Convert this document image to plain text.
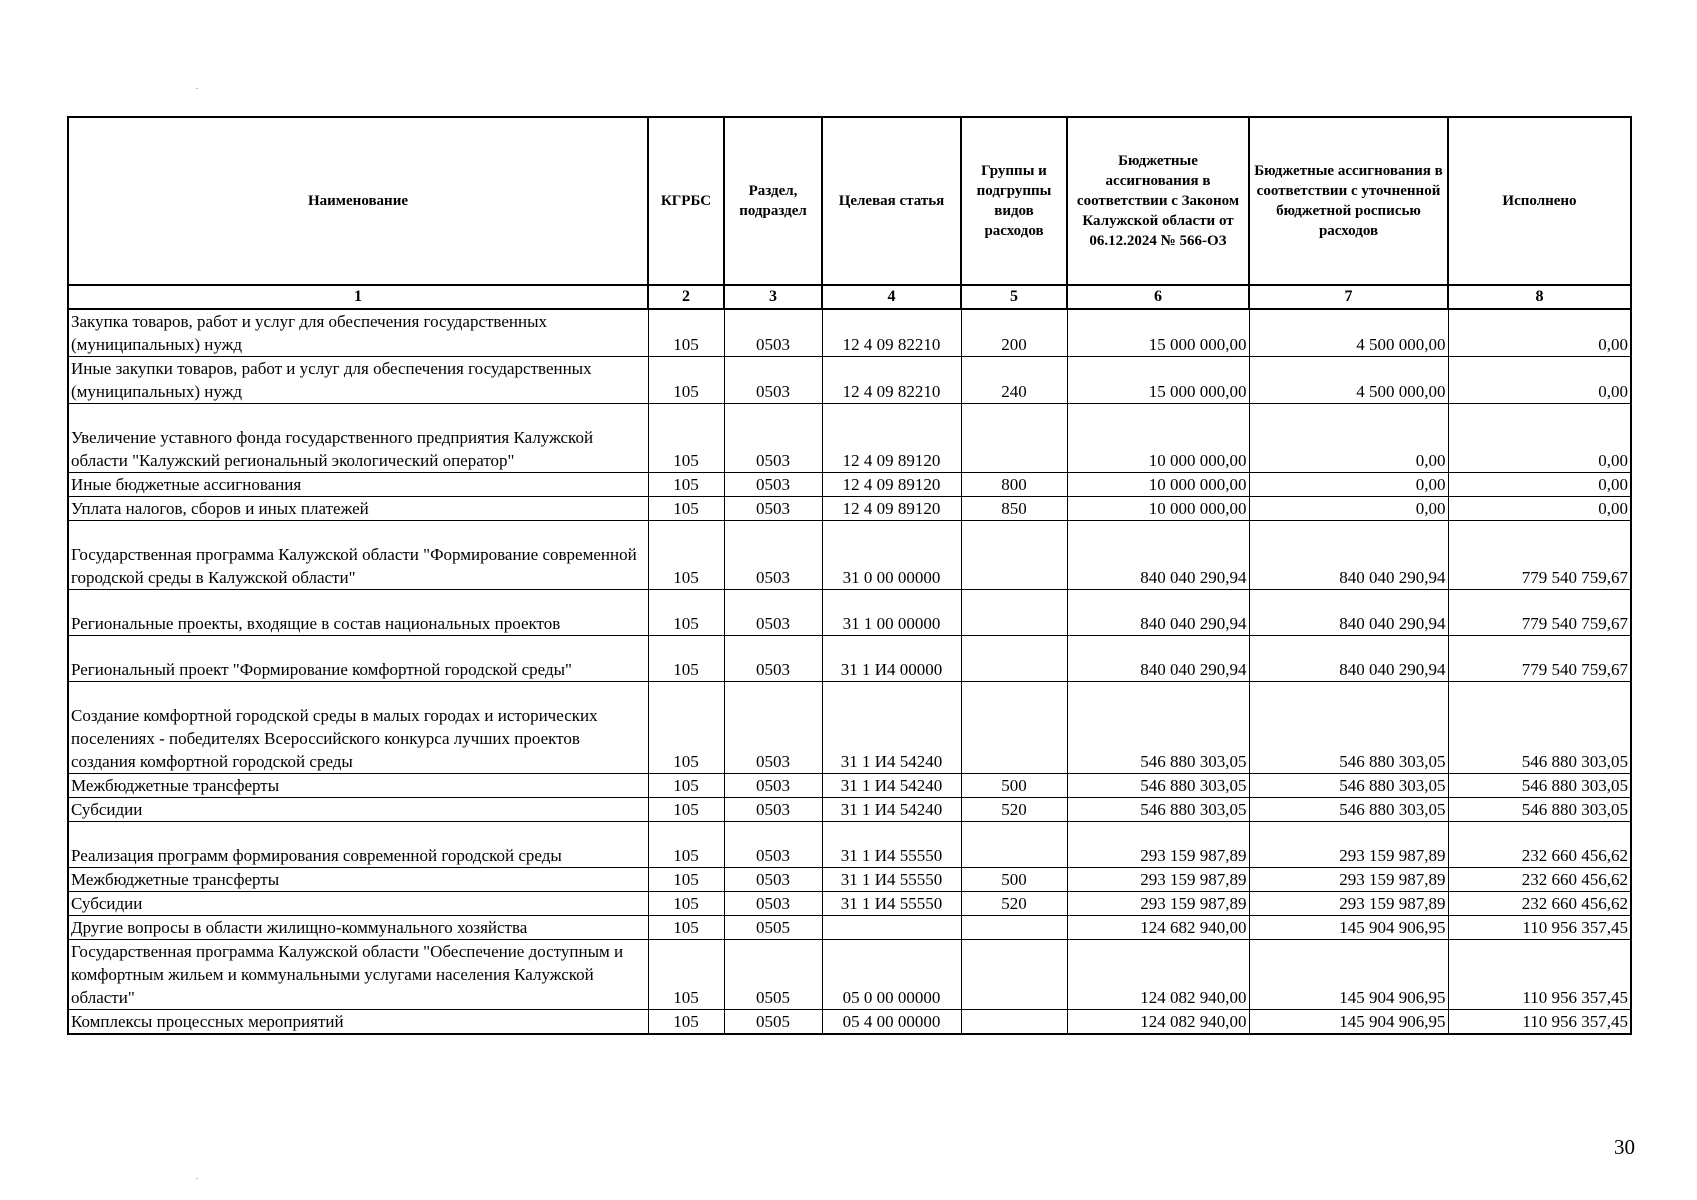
Наименование	КГРБС	Раздел, подраздел	Целевая статья	Группы и подгруппы видов расходов	Бюджетные ассигнования в соответствии с Законом Калужской области от 06.12.2024 № 566-ОЗ	Бюджетные ассигнования в соответствии с уточненной бюджетной росписью расходов	Исполнено
1	2	3	4	5	6	7	8
Закупка товаров, работ и услуг для обеспечения государственных (муниципальных) нужд	105	0503	12 4 09 82210	200	15 000 000,00	4 500 000,00	0,00
Иные закупки товаров, работ и услуг для обеспечения государственных (муниципальных) нужд	105	0503	12 4 09 82210	240	15 000 000,00	4 500 000,00	0,00
Увеличение уставного фонда государственного предприятия Калужской области "Калужский региональный экологический оператор"	105	0503	12 4 09 89120		10 000 000,00	0,00	0,00
Иные бюджетные ассигнования	105	0503	12 4 09 89120	800	10 000 000,00	0,00	0,00
Уплата налогов, сборов и иных платежей	105	0503	12 4 09 89120	850	10 000 000,00	0,00	0,00
Государственная программа Калужской области "Формирование современной городской среды в Калужской области"	105	0503	31 0 00 00000		840 040 290,94	840 040 290,94	779 540 759,67
Региональные проекты, входящие в состав национальных проектов	105	0503	31 1 00 00000		840 040 290,94	840 040 290,94	779 540 759,67
Региональный проект "Формирование комфортной городской среды"	105	0503	31 1 И4 00000		840 040 290,94	840 040 290,94	779 540 759,67
Создание комфортной городской среды в малых городах и исторических поселениях - победителях Всероссийского конкурса лучших проектов создания комфортной городской среды	105	0503	31 1 И4 54240		546 880 303,05	546 880 303,05	546 880 303,05
Межбюджетные трансферты	105	0503	31 1 И4 54240	500	546 880 303,05	546 880 303,05	546 880 303,05
Субсидии	105	0503	31 1 И4 54240	520	546 880 303,05	546 880 303,05	546 880 303,05
Реализация программ формирования современной городской среды	105	0503	31 1 И4 55550		293 159 987,89	293 159 987,89	232 660 456,62
Межбюджетные трансферты	105	0503	31 1 И4 55550	500	293 159 987,89	293 159 987,89	232 660 456,62
Субсидии	105	0503	31 1 И4 55550	520	293 159 987,89	293 159 987,89	232 660 456,62
Другие вопросы в области жилищно-коммунального хозяйства	105	0505			124 682 940,00	145 904 906,95	110 956 357,45
Государственная программа Калужской области "Обеспечение доступным и комфортным жильем и коммунальными услугами населения Калужской области"	105	0505	05 0 00 00000		124 082 940,00	145 904 906,95	110 956 357,45
Комплексы процессных мероприятий	105	0505	05 4 00 00000		124 082 940,00	145 904 906,95	110 956 357,45
30
